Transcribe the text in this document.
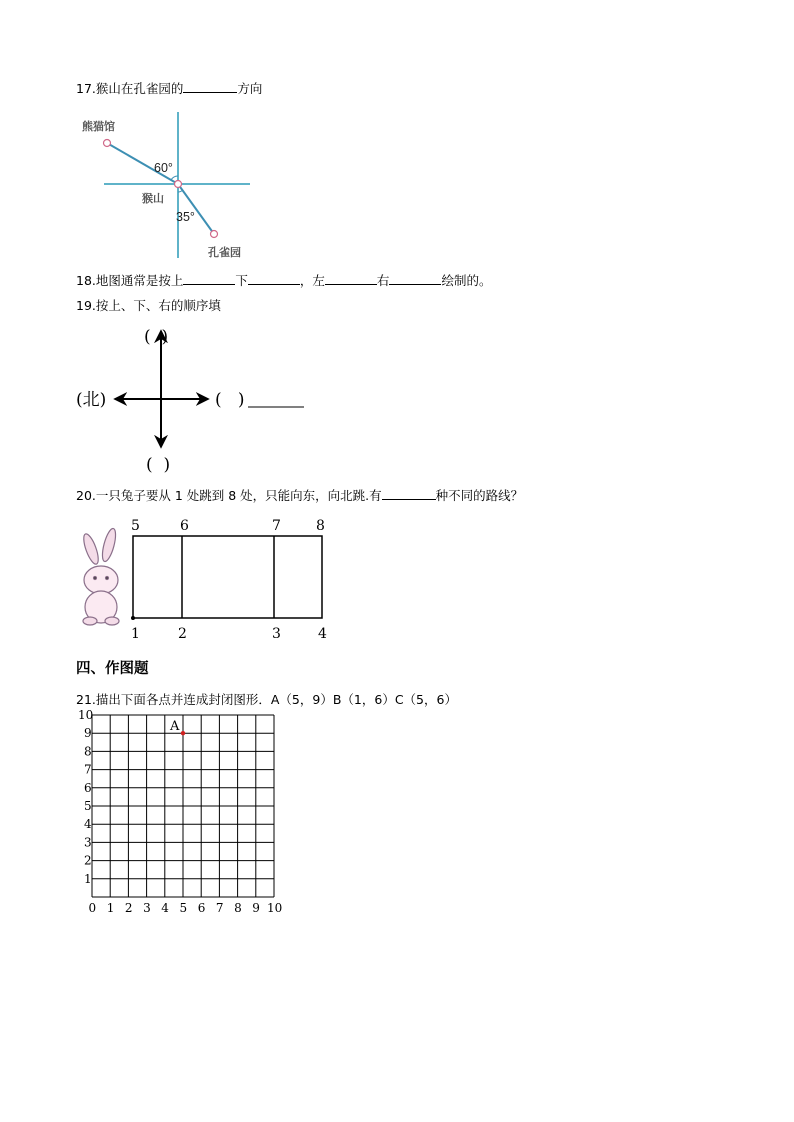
17.猴山在孔雀园的	方向
熊猫馆
猴山
孔雀园
60°
35°
18.地图通常是按上	下	，左	右	绘制的。
19.按上、下、右的顺序填
(  )
(  )
(北)	(   )
20.一只兔子要从 1 处跳到 8 处，只能向东，向北跳.有	种不同的路线？
5	6	7	8
1	2	3	4
四、作图题
21.描出下面各点并连成封闭图形．A（5，9）B（1，6）C（5，6）
0 1 2 3 4 5 6 7 8 9 10
1
2
3
4
5
6
7
8
9
10
A
